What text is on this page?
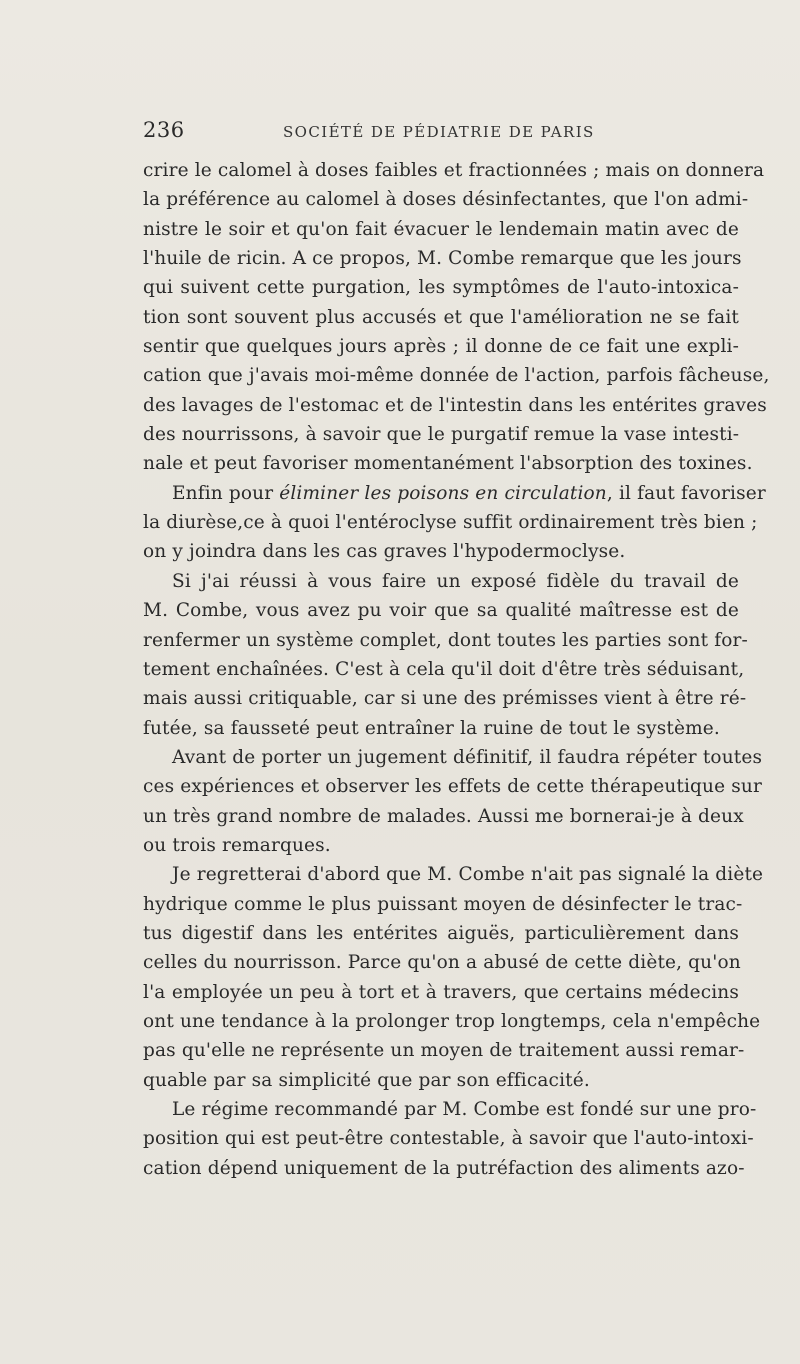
236	SOCIÉTÉ DE PÉDIATRIE DE PARIS
crire le calomel à doses faibles et fractionnées ; mais on donnera
la préférence au calomel à doses désinfectantes, que l'on admi-
nistre le soir et qu'on fait évacuer le lendemain matin avec de
l'huile de ricin. A ce propos, M. Combe remarque que les jours
qui suivent cette purgation, les symptômes de l'auto-intoxica-
tion sont souvent plus accusés et que l'amélioration ne se fait
sentir que quelques jours après ; il donne de ce fait une expli-
cation que j'avais moi-même donnée de l'action, parfois fâcheuse,
des lavages de l'estomac et de l'intestin dans les entérites graves
des nourrissons, à savoir que le purgatif remue la vase intesti-
nale et peut favoriser momentanément l'absorption des toxines.
Enfin pour éliminer les poisons en circulation, il faut favoriser
la diurèse,ce à quoi l'entéroclyse suffit ordinairement très bien ;
on y joindra dans les cas graves l'hypodermoclyse.
Si j'ai réussi à vous faire un exposé fidèle du travail de
M. Combe, vous avez pu voir que sa qualité maîtresse est de
renfermer un système complet, dont toutes les parties sont for-
tement enchaînées. C'est à cela qu'il doit d'être très séduisant,
mais aussi critiquable, car si une des prémisses vient à être ré-
futée, sa fausseté peut entraîner la ruine de tout le système.
Avant de porter un jugement définitif, il faudra répéter toutes
ces expériences et observer les effets de cette thérapeutique sur
un très grand nombre de malades. Aussi me bornerai-je à deux
ou trois remarques.
Je regretterai d'abord que M. Combe n'ait pas signalé la diète
hydrique comme le plus puissant moyen de désinfecter le trac-
tus digestif dans les entérites aiguës, particulièrement dans
celles du nourrisson. Parce qu'on a abusé de cette diète, qu'on
l'a employée un peu à tort et à travers, que certains médecins
ont une tendance à la prolonger trop longtemps, cela n'empêche
pas qu'elle ne représente un moyen de traitement aussi remar-
quable par sa simplicité que par son efficacité.
Le régime recommandé par M. Combe est fondé sur une pro-
position qui est peut-être contestable, à savoir que l'auto-intoxi-
cation dépend uniquement de la putréfaction des aliments azo-
